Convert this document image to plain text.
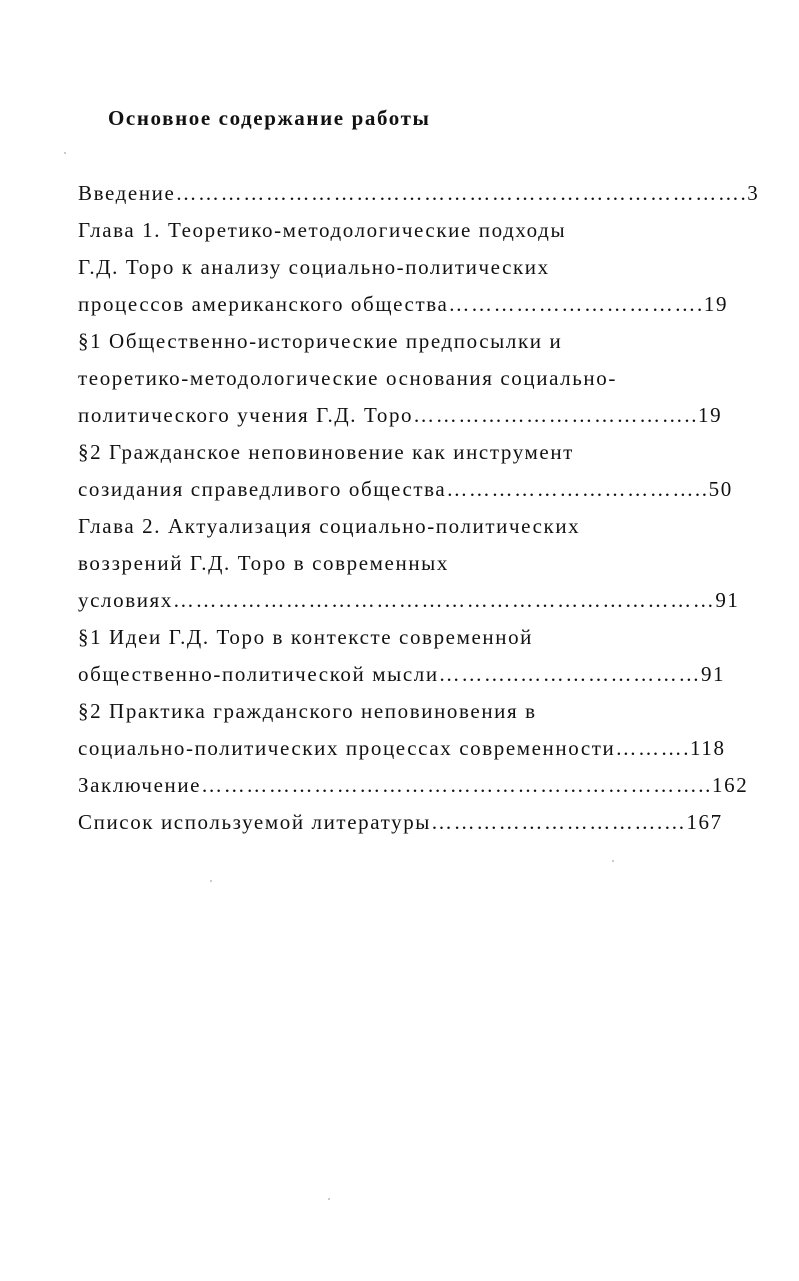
Основное содержание работы
Введение………………………………………………………………….3
Глава 1. Теоретико-методологические подходы
Г.Д. Торо к анализу социально-политических
процессов американского общества…………………………….19
§1 Общественно-исторические предпосылки и
теоретико-методологические основания социально-
политического учения Г.Д. Торо………………………………..19
§2 Гражданское неповиновение как инструмент
созидания справедливого общества……………………………..50
Глава 2. Актуализация социально-политических
воззрений Г.Д. Торо в современных
условиях………………………………………………………………91
§1 Идеи Г.Д. Торо в контексте современной
общественно-политической мысли………..……………………91
§2 Практика гражданского неповиновения в
социально-политических процессах современности……….118
Заключение…………………………………………………………..162
Список используемой литературы………………………….…167
